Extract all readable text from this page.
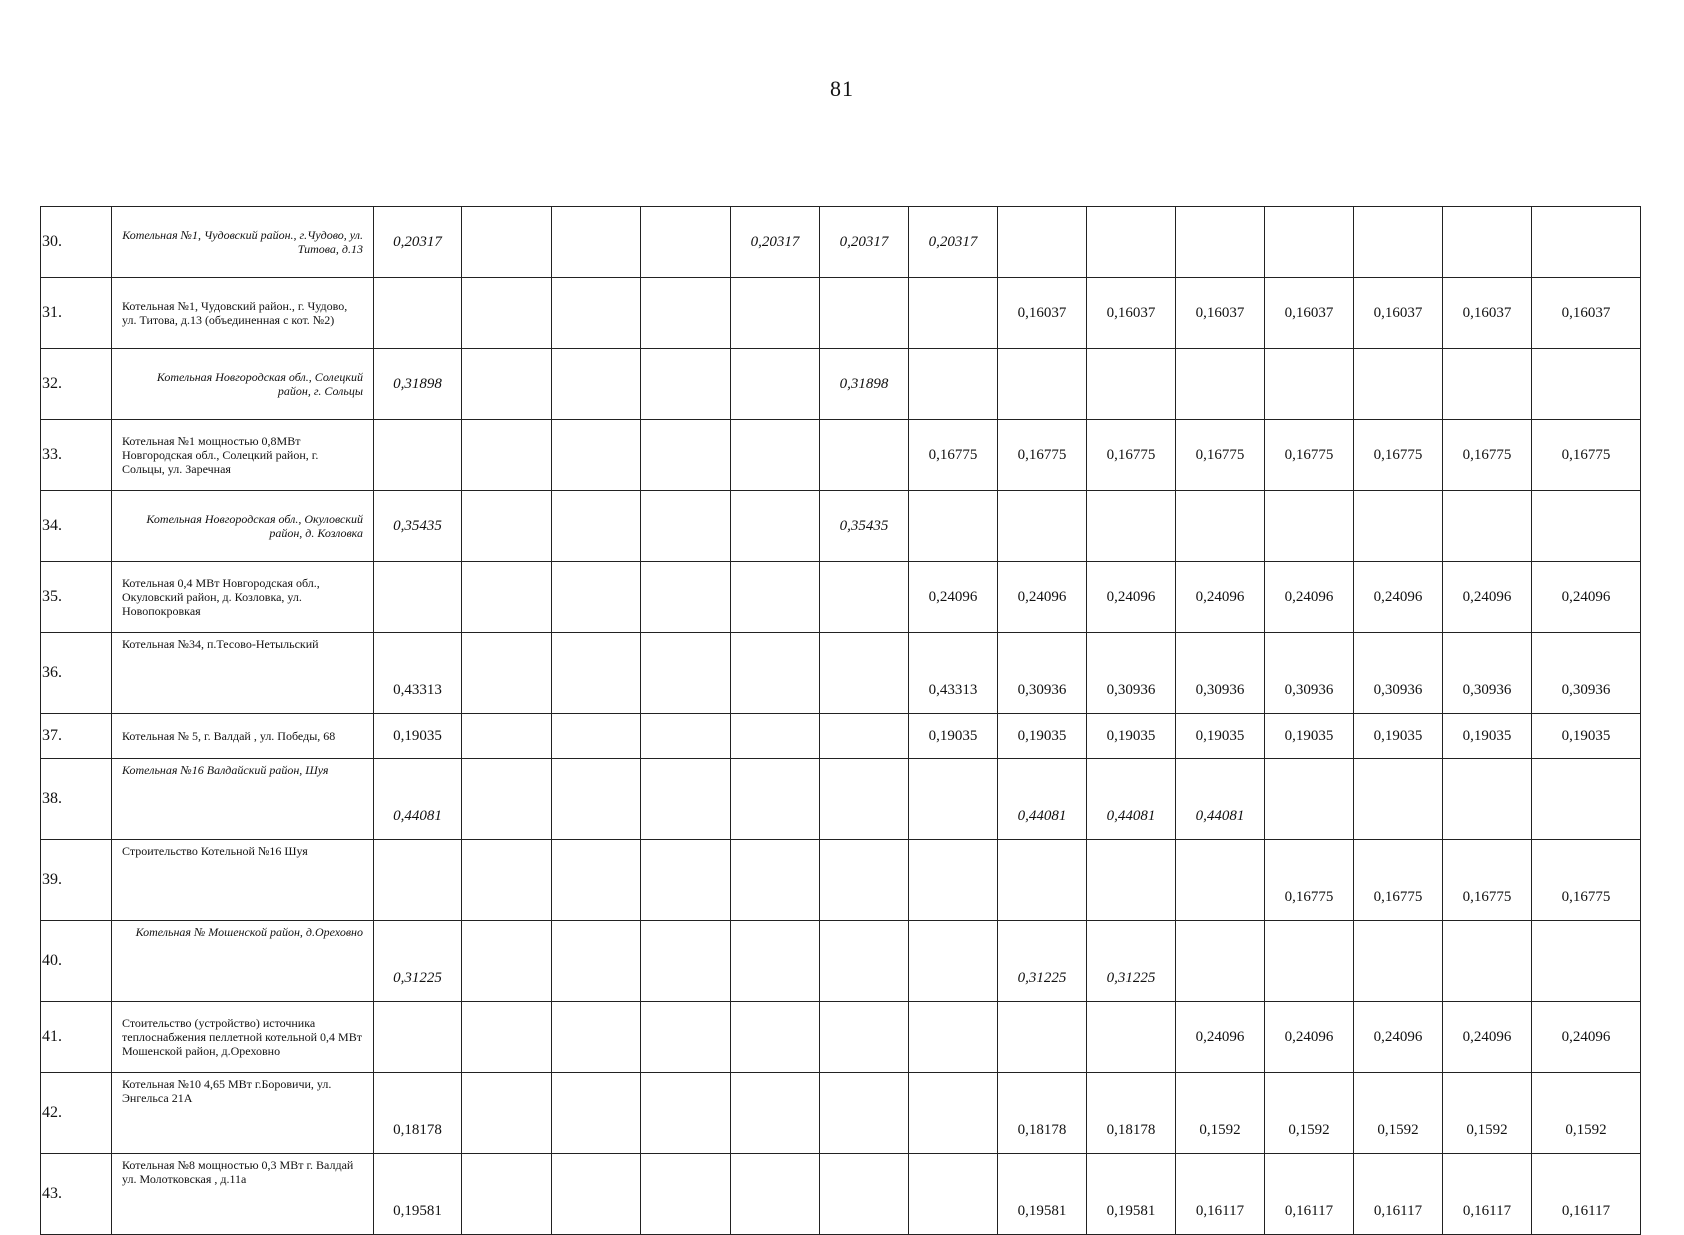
81
30.	Котельная №1, Чудовский район., г.Чудово, ул. Титова, д.13	0,20317				0,20317	0,20317	0,20317							
31.	Котельная №1, Чудовский район., г. Чудово, ул. Титова, д.13 (объединенная с кот. №2)								0,16037	0,16037	0,16037	0,16037	0,16037	0,16037	0,16037
32.	Котельная Новгородская обл., Солецкий район, г. Сольцы	0,31898					0,31898								
33.	Котельная №1 мощностью 0,8МВт Новгородская обл., Солецкий район, г. Сольцы, ул. Заречная							0,16775	0,16775	0,16775	0,16775	0,16775	0,16775	0,16775	0,16775
34.	Котельная Новгородская обл., Окуловский район, д. Козловка	0,35435					0,35435								
35.	Котельная 0,4 МВт Новгородская обл., Окуловский район, д. Козловка, ул. Новопокровкая							0,24096	0,24096	0,24096	0,24096	0,24096	0,24096	0,24096	0,24096
36.	Котельная №34, п.Тесово-Нетыльский	0,43313						0,43313	0,30936	0,30936	0,30936	0,30936	0,30936	0,30936	0,30936
37.	Котельная № 5, г. Валдай , ул. Победы, 68	0,19035						0,19035	0,19035	0,19035	0,19035	0,19035	0,19035	0,19035	0,19035
38.	Котельная №16 Валдайский район, Шуя	0,44081							0,44081	0,44081	0,44081				
39.	Строительство Котельной №16 Шуя											0,16775	0,16775	0,16775	0,16775
40.	Котельная № Мошенской район, д.Ореховно	0,31225							0,31225	0,31225					
41.	Стоительство (устройство) источника теплоснабжения пеллетной котельной 0,4 МВт Мошенской район, д.Ореховно										0,24096	0,24096	0,24096	0,24096	0,24096
42.	Котельная №10 4,65 МВт г.Боровичи, ул. Энгельса 21А	0,18178							0,18178	0,18178	0,1592	0,1592	0,1592	0,1592	0,1592
43.	Котельная №8 мощностью 0,3 МВт г. Валдай ул. Молотковская , д.11а	0,19581							0,19581	0,19581	0,16117	0,16117	0,16117	0,16117	0,16117
